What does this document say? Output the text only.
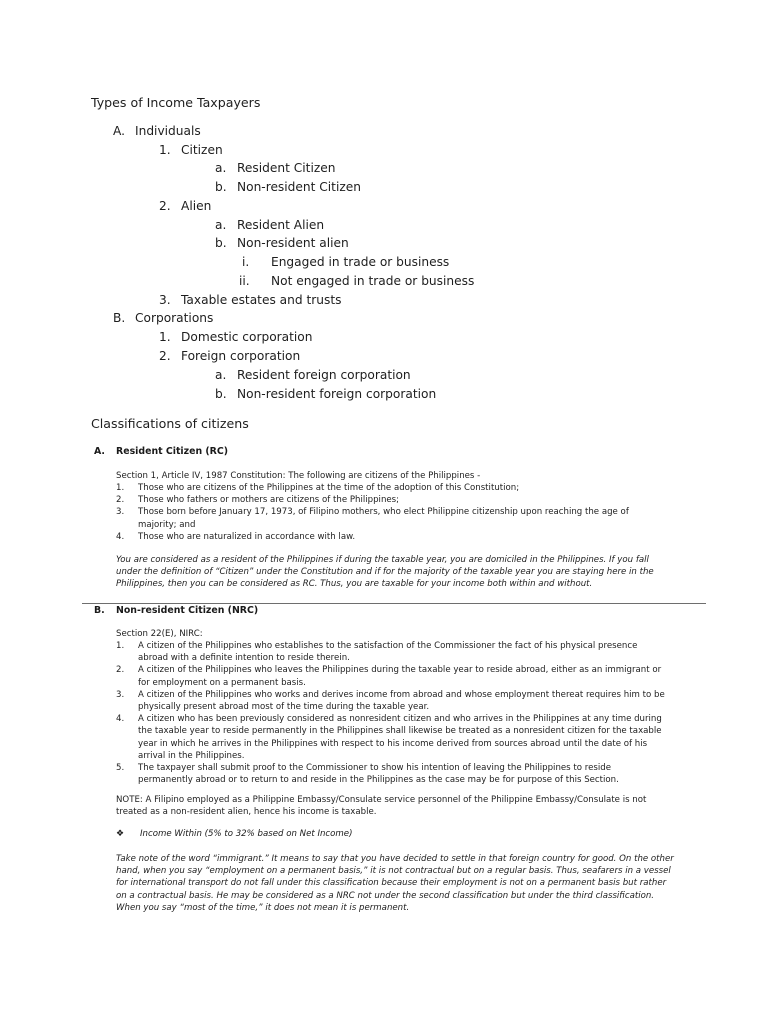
Types of Income Taxpayers
A. Individuals
1. Citizen
a. Resident Citizen
b. Non-resident Citizen
2. Alien
a. Resident Alien
b. Non-resident alien
i. Engaged in trade or business
ii. Not engaged in trade or business
3. Taxable estates and trusts
B. Corporations
1. Domestic corporation
2. Foreign corporation
a. Resident foreign corporation
b. Non-resident foreign corporation
Classifications of citizens
A. Resident Citizen (RC)
Section 1, Article IV, 1987 Constitution: The following are citizens of the Philippines -
1.	Those who are citizens of the Philippines at the time of the adoption of this Constitution;
2.	Those who fathers or mothers are citizens of the Philippines;
3.	Those born before January 17, 1973, of Filipino mothers, who elect Philippine citizenship upon reaching the age of majority; and
4.	Those who are naturalized in accordance with law.
You are considered as a resident of the Philippines if during the taxable year, you are domiciled in the Philippines. If you fall under the definition of “Citizen” under the Constitution and if for the majority of the taxable year you are staying here in the Philippines, then you can be considered as RC. Thus, you are taxable for your income both within and without.
B. Non-resident Citizen (NRC)
Section 22(E), NIRC:
1.	A citizen of the Philippines who establishes to the satisfaction of the Commissioner the fact of his physical presence abroad with a definite intention to reside therein.
2.	A citizen of the Philippines who leaves the Philippines during the taxable year to reside abroad, either as an immigrant or for employment on a permanent basis.
3.	A citizen of the Philippines who works and derives income from abroad and whose employment thereat requires him to be physically present abroad most of the time during the taxable year.
4.	A citizen who has been previously considered as nonresident citizen and who arrives in the Philippines at any time during the taxable year to reside permanently in the Philippines shall likewise be treated as a nonresident citizen for the taxable year in which he arrives in the Philippines with respect to his income derived from sources abroad until the date of his arrival in the Philippines.
5.	The taxpayer shall submit proof to the Commissioner to show his intention of leaving the Philippines to reside permanently abroad or to return to and reside in the Philippines as the case may be for purpose of this Section.
NOTE: A Filipino employed as a Philippine Embassy/Consulate service personnel of the Philippine Embassy/Consulate is not treated as a non-resident alien, hence his income is taxable.
❖	Income Within (5% to 32% based on Net Income)
Take note of the word “immigrant.” It means to say that you have decided to settle in that foreign country for good. On the other hand, when you say “employment on a permanent basis,” it is not contractual but on a regular basis. Thus, seafarers in a vessel for international transport do not fall under this classification because their employment is not on a permanent basis but rather on a contractual basis. He may be considered as a NRC not under the second classification but under the third classification. When you say “most of the time,” it does not mean it is permanent.
